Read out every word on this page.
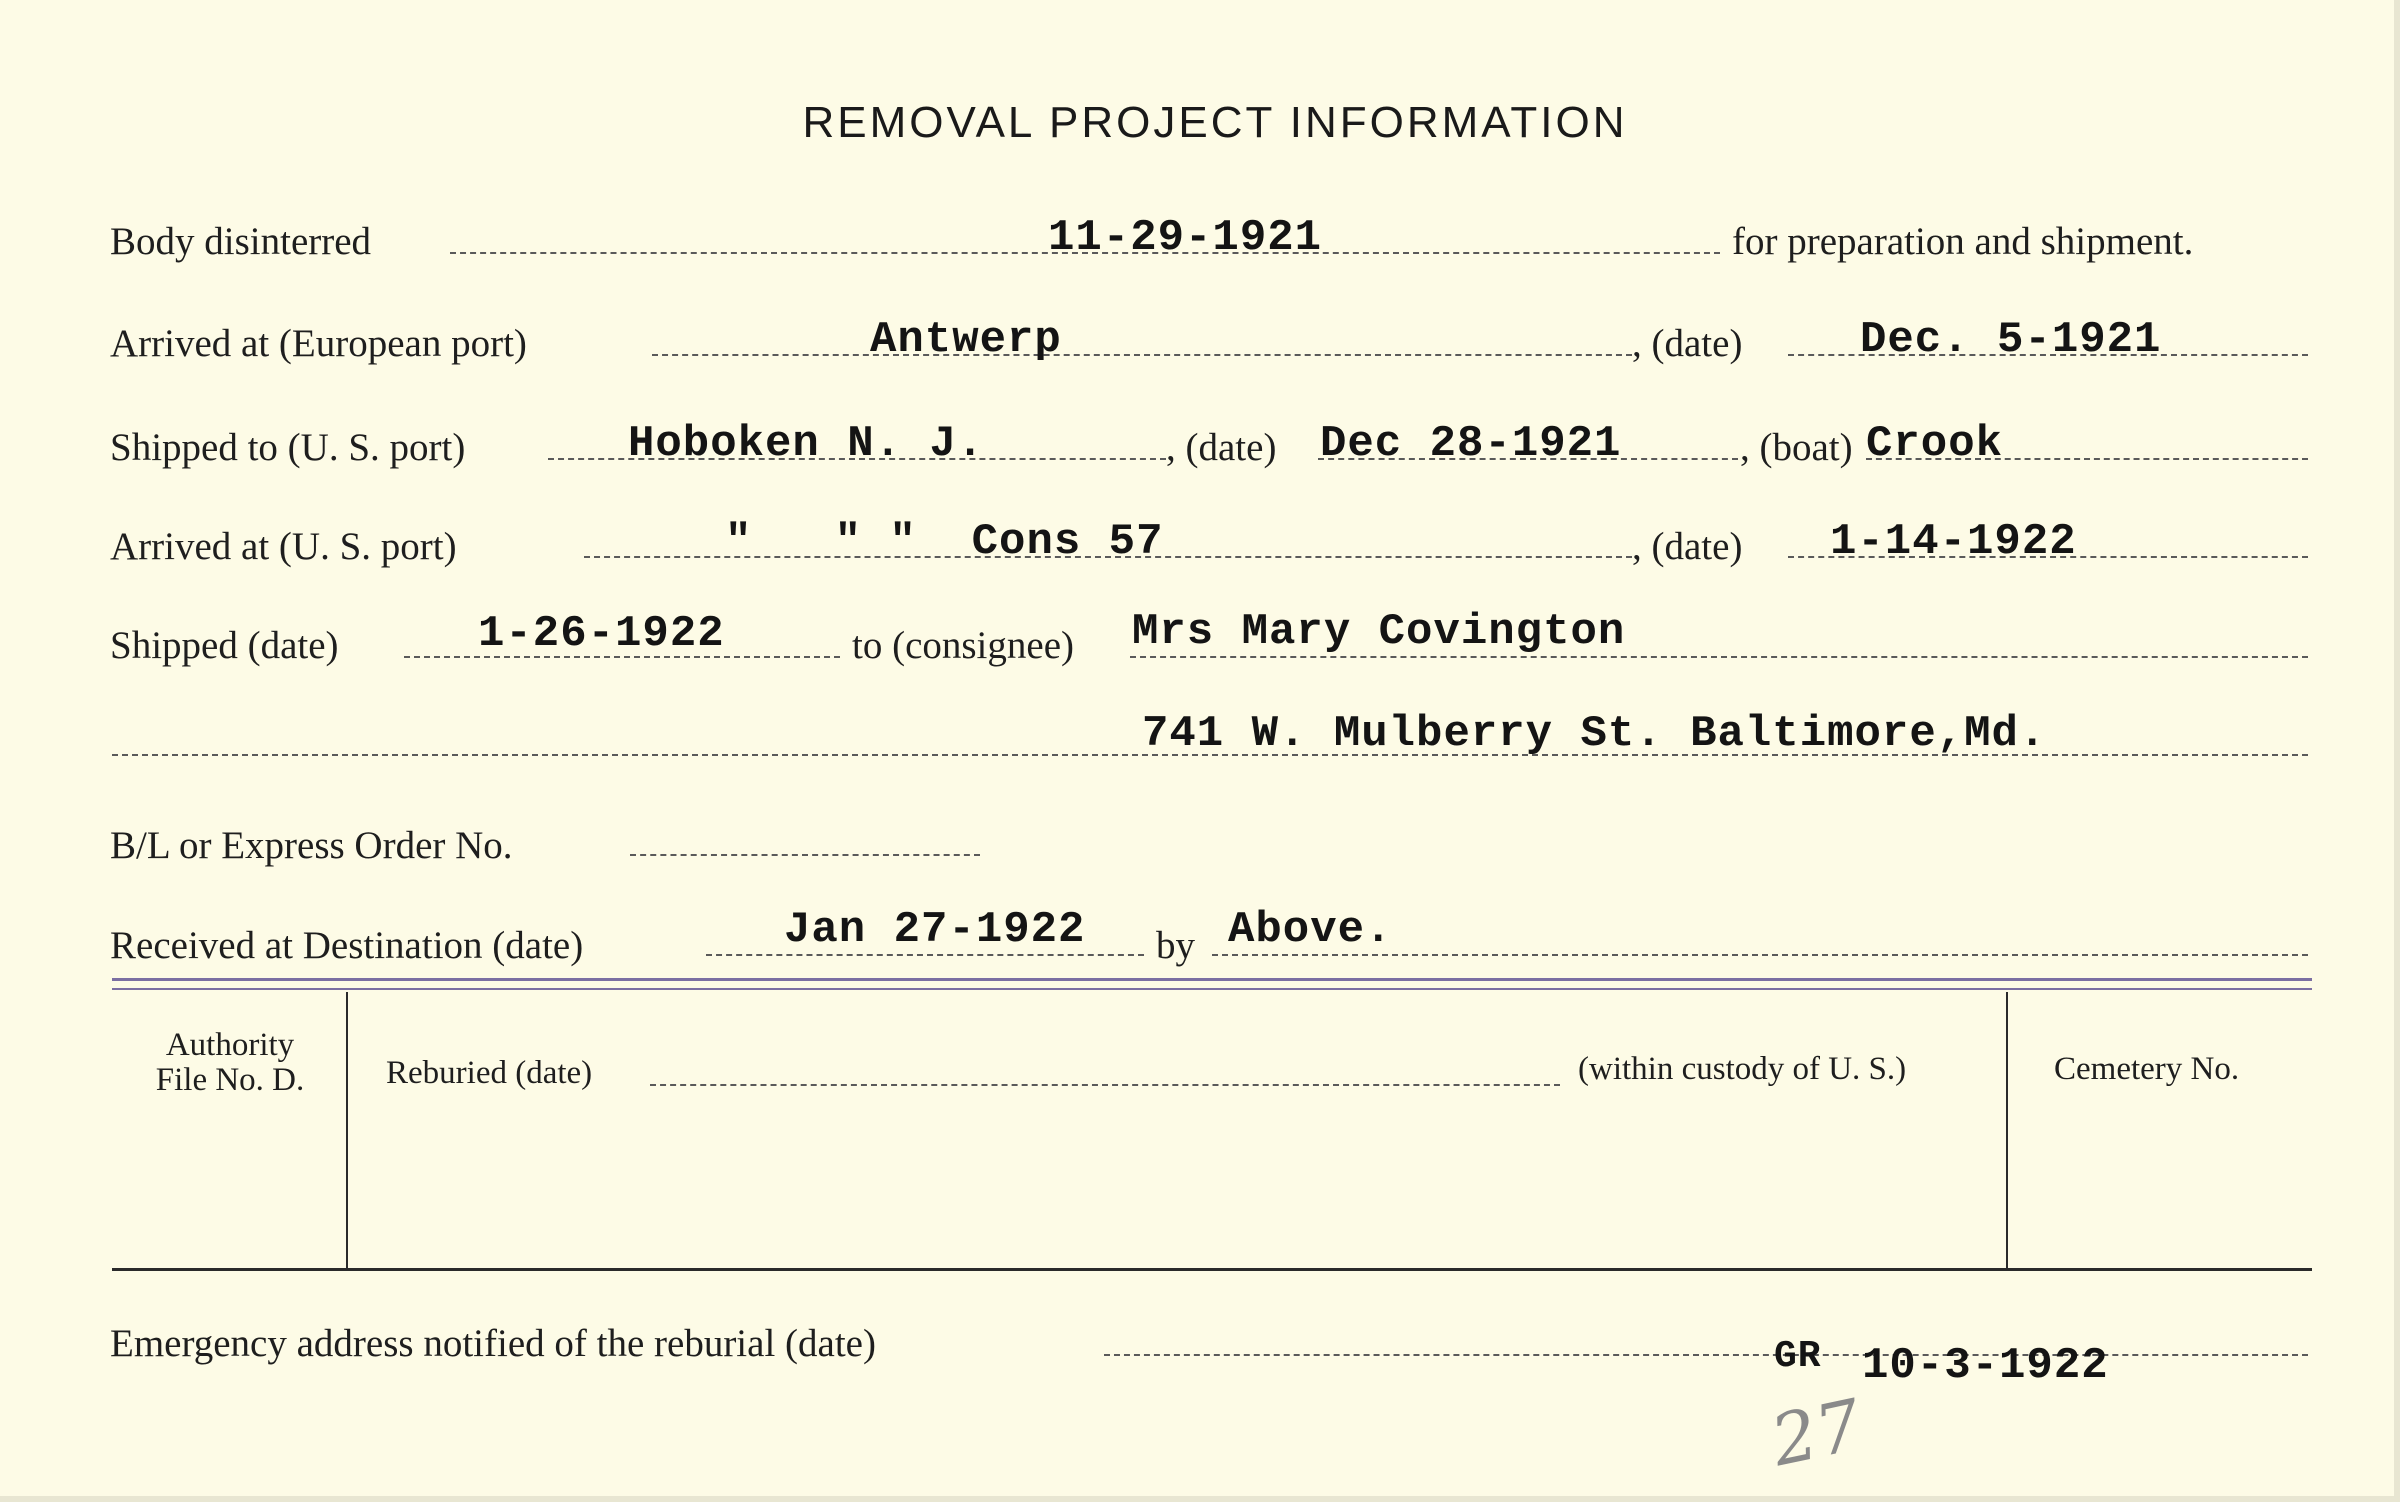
REMOVAL PROJECT INFORMATION
Body disinterred	11-29-1921	for preparation and shipment.
Arrived at (European port)	Antwerp	, (date)	Dec. 5-1921
Shipped to (U. S. port)	Hoboken N. J.	, (date) Dec 28-1921	, (boat) Crook
Arrived at (U. S. port)	"   " "  Cons 57	, (date) 1-14-1922
Shipped (date)	1-26-1922	to (consignee) Mrs Mary Covington
741 W. Mulberry St. Baltimore,Md.
B/L or Express Order No.
Received at Destination (date)	Jan 27-1922 by Above.
Authority
File No. D.	Reburied (date)	(within custody of U. S.)	Cemetery No.
Emergency address notified of the reburial (date)	GR 10-3-1922
27
